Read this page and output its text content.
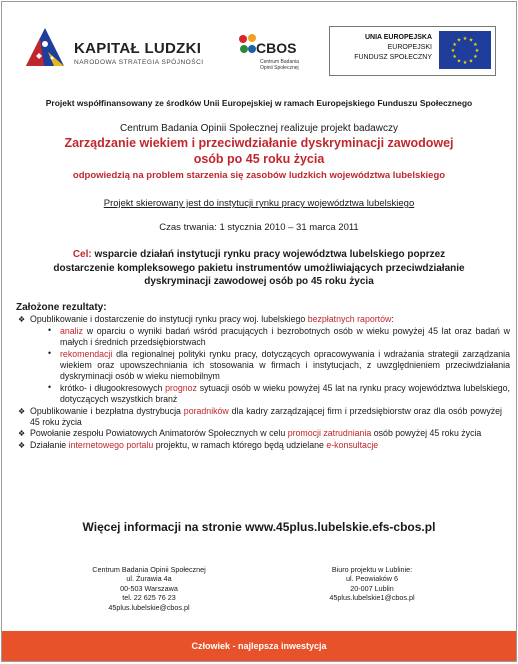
KAPITAŁ LUDZKI
NARODOWA STRATEGIA SPÓJNOŚCI
CBOS
Centrum Badania
Opinii Społecznej
UNIA EUROPEJSKA
EUROPEJSKI
FUNDUSZ SPOŁECZNY
★
★
★
★
★
★
★
★
★ ★ ★
★
Projekt współfinansowany ze środków Unii Europejskiej w ramach Europejskiego Funduszu Społecznego
Centrum Badania Opinii Społecznej realizuje projekt badawczy
Zarządzanie wiekiem i przeciwdziałanie dyskryminacji zawodowej
osób po 45 roku życia
odpowiedzią na problem starzenia się zasobów ludzkich województwa lubelskiego
Projekt skierowany jest do instytucji rynku pracy województwa lubelskiego
Czas trwania: 1 stycznia 2010 – 31 marca 2011
Cel: wsparcie działań instytucji rynku pracy województwa lubelskiego poprzez dostarczenie kompleksowego pakietu instrumentów umożliwiających przeciwdziałanie dyskryminacji zawodowej osób po 45 roku życia
Założone rezultaty:
❖ Opublikowanie i dostarczenie do instytucji rynku pracy woj. lubelskiego bezpłatnych raportów:
• analiz w oparciu o wyniki badań wśród pracujących i bezrobotnych osób w wieku powyżej 45 lat oraz badań w małych i średnich przedsiębiorstwach
• rekomendacji dla regionalnej polityki rynku pracy, dotyczących opracowywania i wdrażania strategii zarządzania wiekiem oraz upowszechniania ich stosowania w firmach i instytucjach, z uwzględnieniem przeciwdziałania dyskryminacji osób w wieku niemobilnym
• krótko- i długookresowych prognoz sytuacji osób w wieku powyżej 45 lat na rynku pracy województwa lubelskiego, dotyczących wszystkich branż
❖ Opublikowanie i bezpłatna dystrybucja poradników dla kadry zarządzającej firm i przedsiębiorstw oraz dla osób powyżej 45 roku życia
❖ Powołanie zespołu Powiatowych Animatorów Społecznych w celu promocji zatrudniania osób powyżej 45 roku życia
❖ Działanie internetowego portalu projektu, w ramach którego będą udzielane e-konsultacje
Więcej informacji na stronie www.45plus.lubelskie.efs-cbos.pl
Centrum Badania Opinii Społecznej
ul. Żurawia 4a
00-503 Warszawa
tel. 22 625 76 23
45plus.lubelskie@cbos.pl
Biuro projektu w Lublinie:
ul. Peowiaków 6
20-007 Lublin
45plus.lubelskie1@cbos.pl
Człowiek - najlepsza inwestycja
